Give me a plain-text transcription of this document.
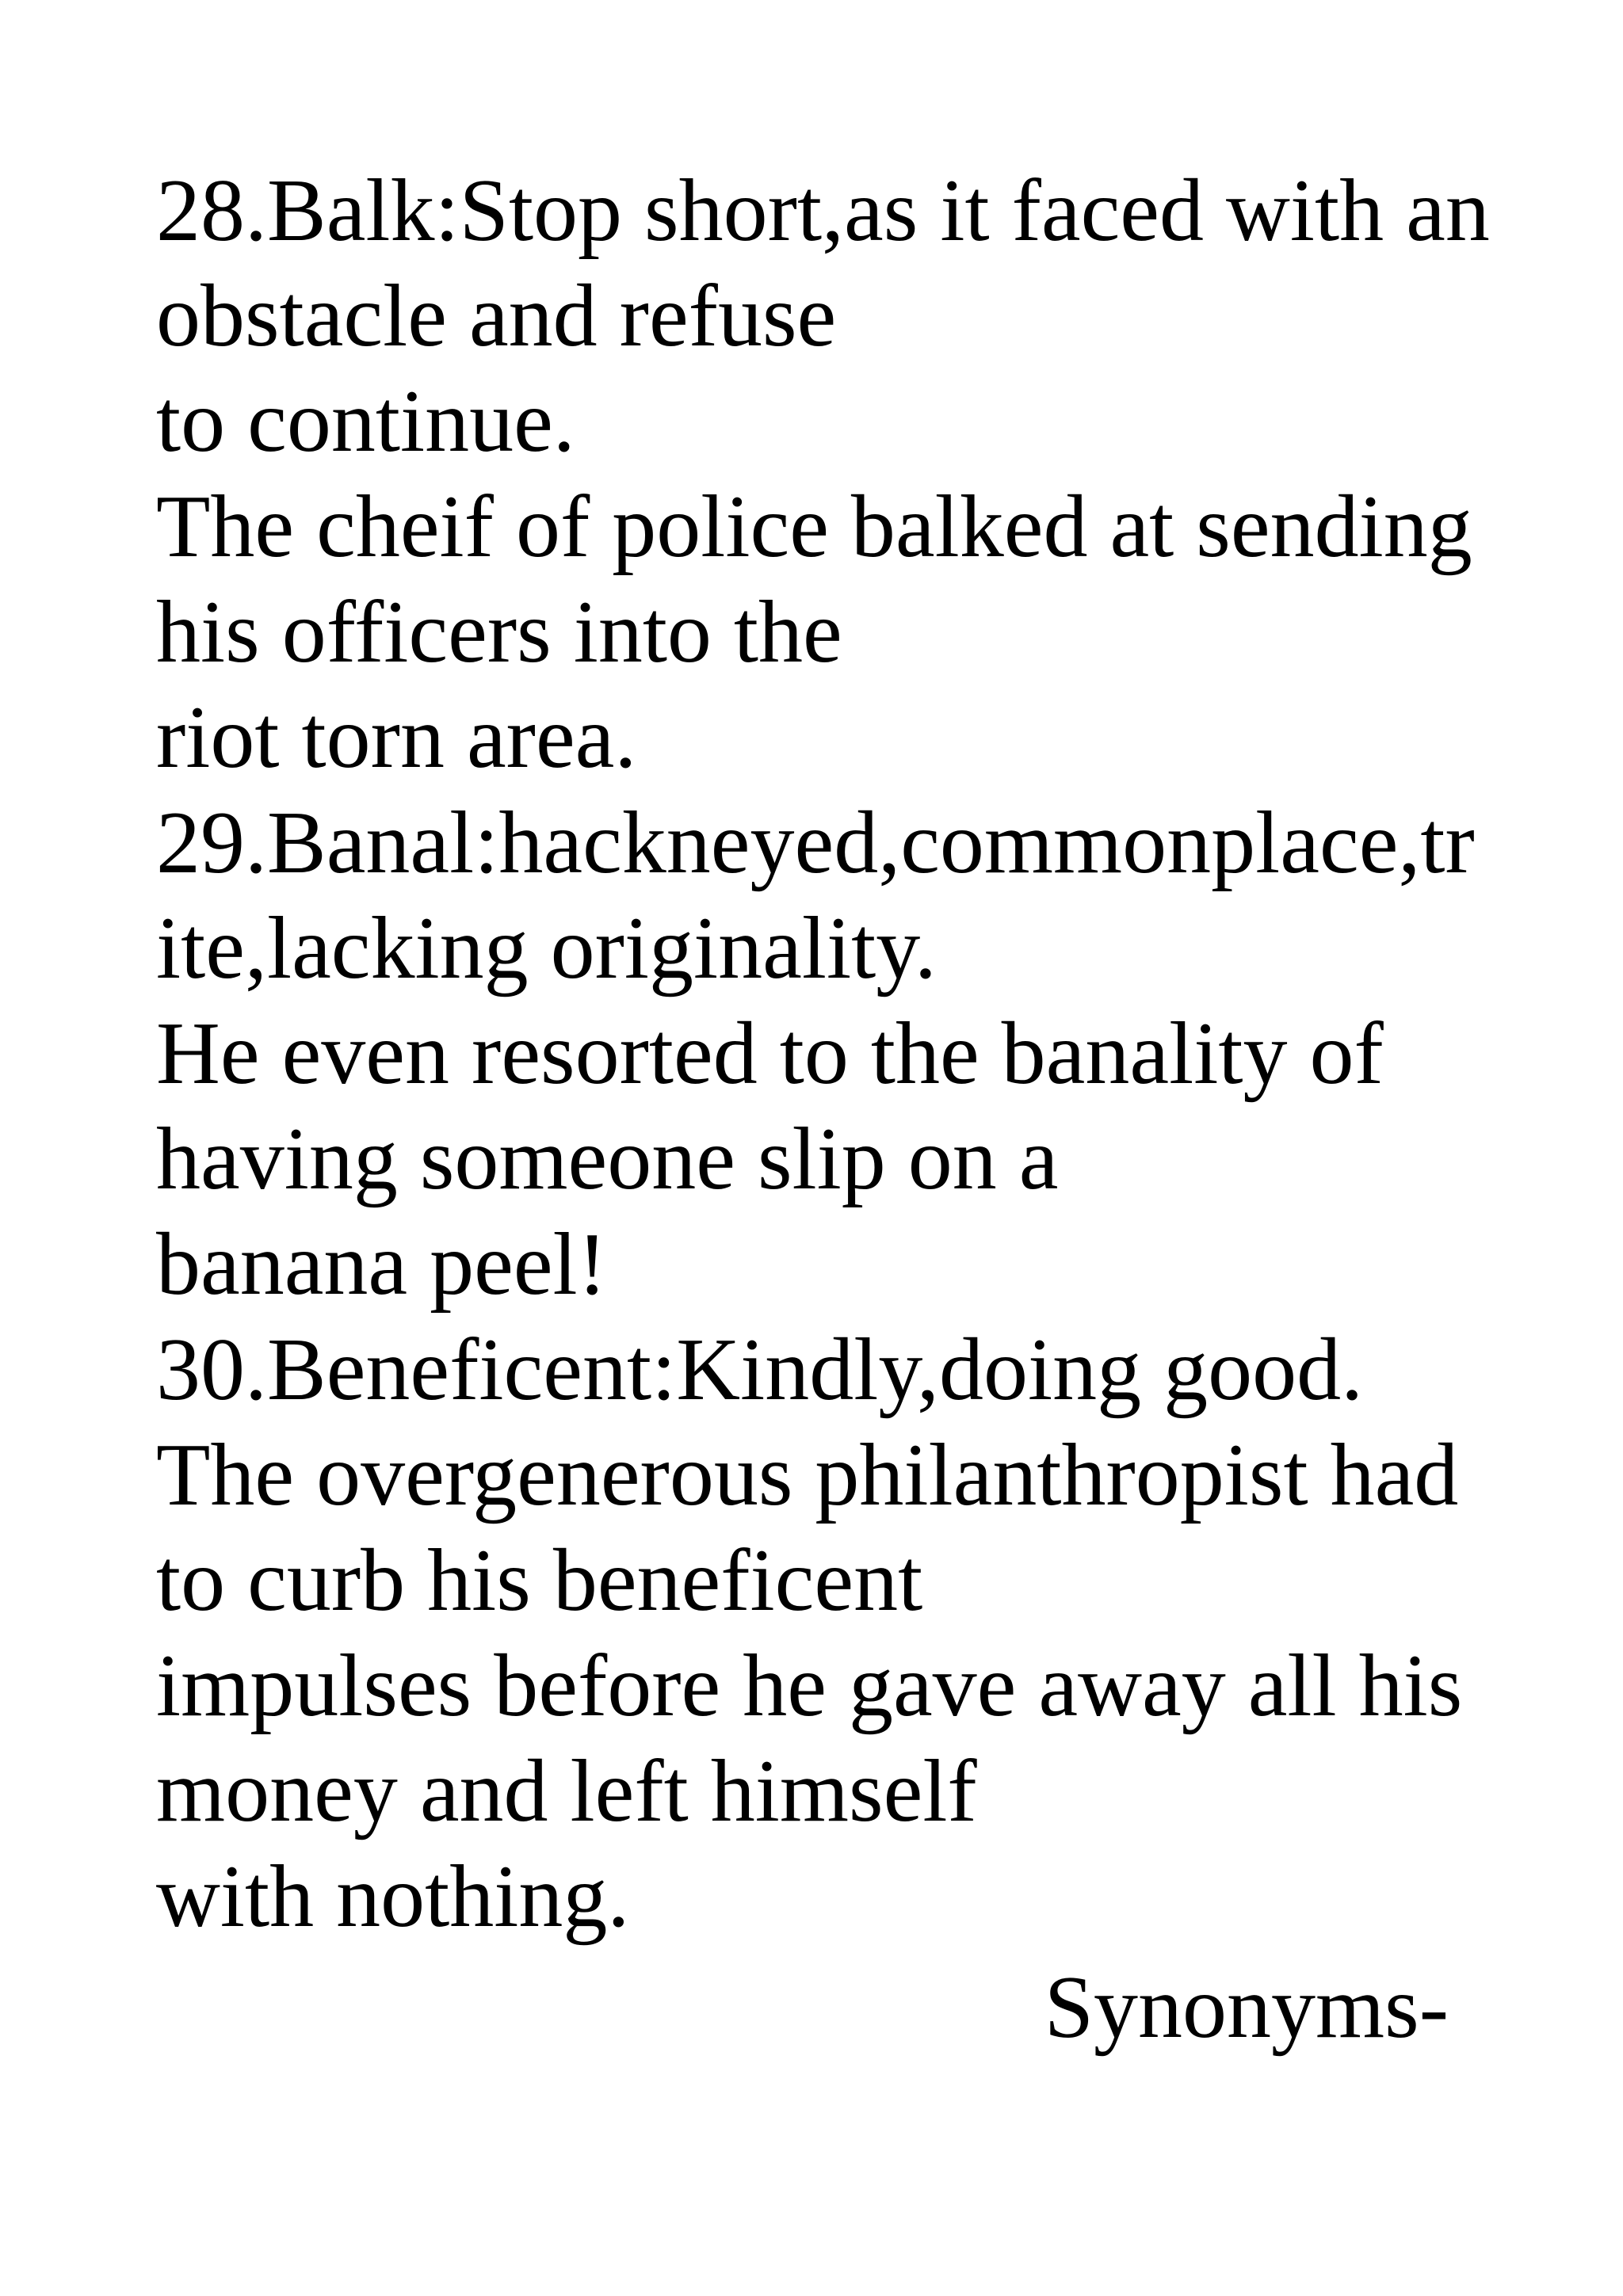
28.Balk:Stop short,as it faced with an
obstacle and refuse
to continue.
The cheif of police balked at sending
his officers into the
riot torn area.
29.Banal:hackneyed,commonplace,tr
ite,lacking originality.
He even resorted to the banality of
having someone slip on a
banana peel!
30.Beneficent:Kindly,doing good.
The overgenerous philanthropist had
to curb his beneficent
impulses before he gave away all his
money and left himself
with nothing.
Synonyms-
